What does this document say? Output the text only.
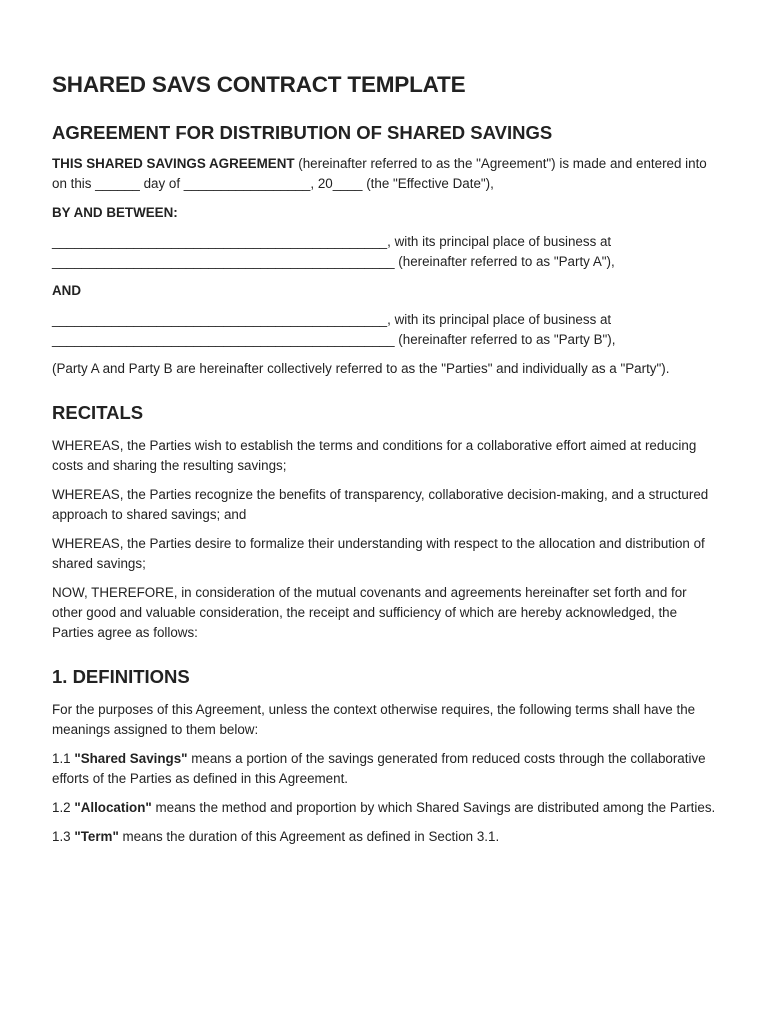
SHARED SAVS CONTRACT TEMPLATE
AGREEMENT FOR DISTRIBUTION OF SHARED SAVINGS

THIS SHARED SAVINGS AGREEMENT (hereinafter referred to as the "Agreement") is made and entered into on this ______ day of _________________, 20____ (the "Effective Date"),

BY AND BETWEEN:

_____________________________________________, with its principal place of business at ______________________________________________ (hereinafter referred to as "Party A"),

AND

_____________________________________________, with its principal place of business at ______________________________________________ (hereinafter referred to as "Party B"),

(Party A and Party B are hereinafter collectively referred to as the "Parties" and individually as a "Party").

RECITALS

WHEREAS, the Parties wish to establish the terms and conditions for a collaborative effort aimed at reducing costs and sharing the resulting savings;

WHEREAS, the Parties recognize the benefits of transparency, collaborative decision-making, and a structured approach to shared savings; and

WHEREAS, the Parties desire to formalize their understanding with respect to the allocation and distribution of shared savings;

NOW, THEREFORE, in consideration of the mutual covenants and agreements hereinafter set forth and for other good and valuable consideration, the receipt and sufficiency of which are hereby acknowledged, the Parties agree as follows:

1. DEFINITIONS

For the purposes of this Agreement, unless the context otherwise requires, the following terms shall have the meanings assigned to them below:

1.1 "Shared Savings" means a portion of the savings generated from reduced costs through the collaborative efforts of the Parties as defined in this Agreement.

1.2 "Allocation" means the method and proportion by which Shared Savings are distributed among the Parties.

1.3 "Term" means the duration of this Agreement as defined in Section 3.1.
